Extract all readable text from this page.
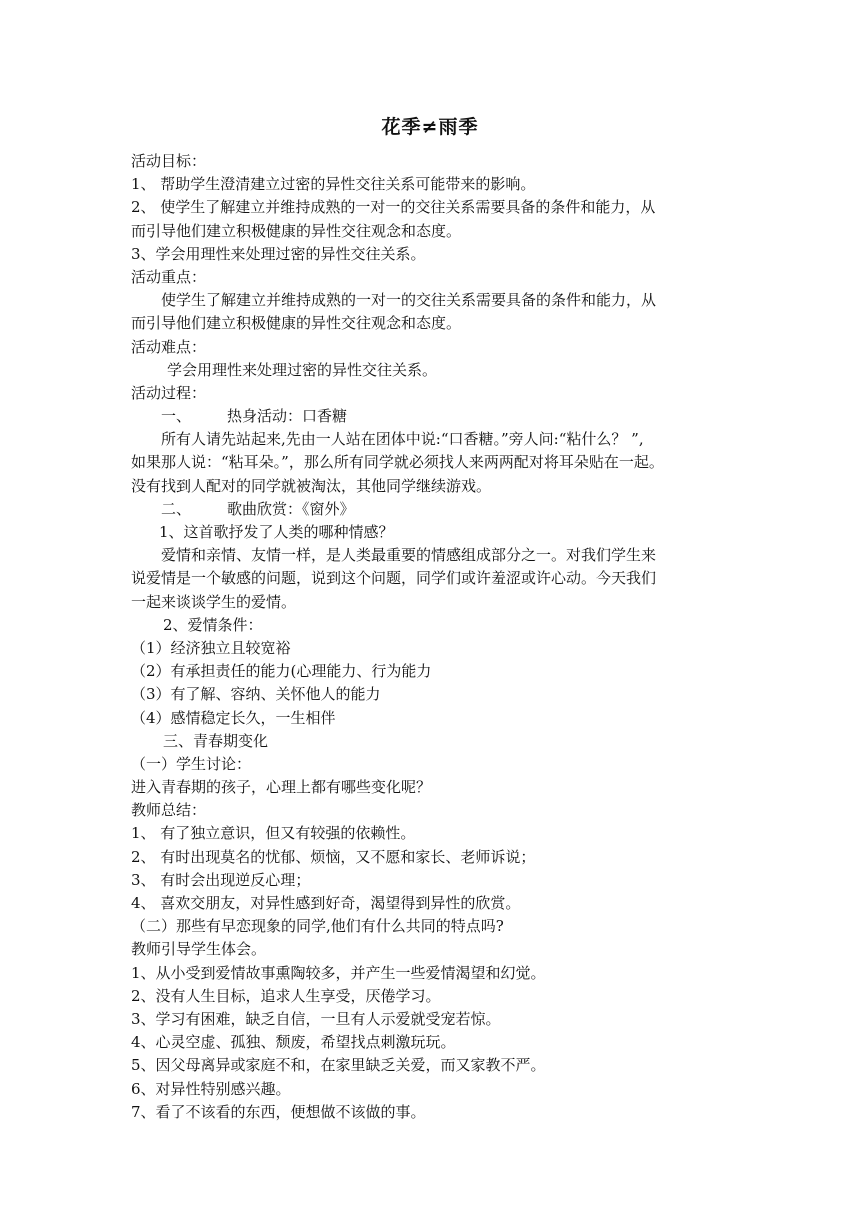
花季≠雨季
活动目标：
1、 帮助学生澄清建立过密的异性交往关系可能带来的影响。
2、 使学生了解建立并维持成熟的一对一的交往关系需要具备的条件和能力，从
而引导他们建立积极健康的异性交往观念和态度。
3、学会用理性来处理过密的异性交往关系。
活动重点：
使学生了解建立并维持成熟的一对一的交往关系需要具备的条件和能力，从
而引导他们建立积极健康的异性交往观念和态度。
活动难点：
学会用理性来处理过密的异性交往关系。
活动过程：
一、 热身活动：口香糖
所有人请先站起来,先由一人站在团体中说:“口香糖。”旁人问:“粘什么？ ”,
如果那人说：“粘耳朵。”，那么所有同学就必须找人来两两配对将耳朵贴在一起。
没有找到人配对的同学就被淘汰，其他同学继续游戏。
二、 歌曲欣赏：《窗外》
1、这首歌抒发了人类的哪种情感？
爱情和亲情、友情一样，是人类最重要的情感组成部分之一。对我们学生来
说爱情是一个敏感的问题，说到这个问题，同学们或许羞涩或许心动。今天我们
一起来谈谈学生的爱情。
2、爱情条件：
（1）经济独立且较宽裕
（2）有承担责任的能力(心理能力、行为能力
（3）有了解、容纳、关怀他人的能力
（4）感情稳定长久，一生相伴
三、青春期变化
（一）学生讨论：
进入青春期的孩子，心理上都有哪些变化呢？
教师总结：
1、 有了独立意识，但又有较强的依赖性。
2、 有时出现莫名的忧郁、烦恼，又不愿和家长、老师诉说；
3、 有时会出现逆反心理；
4、 喜欢交朋友，对异性感到好奇，渴望得到异性的欣赏。
（二）那些有早恋现象的同学,他们有什么共同的特点吗?
教师引导学生体会。
1、从小受到爱情故事熏陶较多，并产生一些爱情渴望和幻觉。
2、没有人生目标，追求人生享受，厌倦学习。
3、学习有困难，缺乏自信，一旦有人示爱就受宠若惊。
4、心灵空虚、孤独、颓废，希望找点刺激玩玩。
5、因父母离异或家庭不和，在家里缺乏关爱，而又家教不严。
6、对异性特别感兴趣。
7、看了不该看的东西，便想做不该做的事。
